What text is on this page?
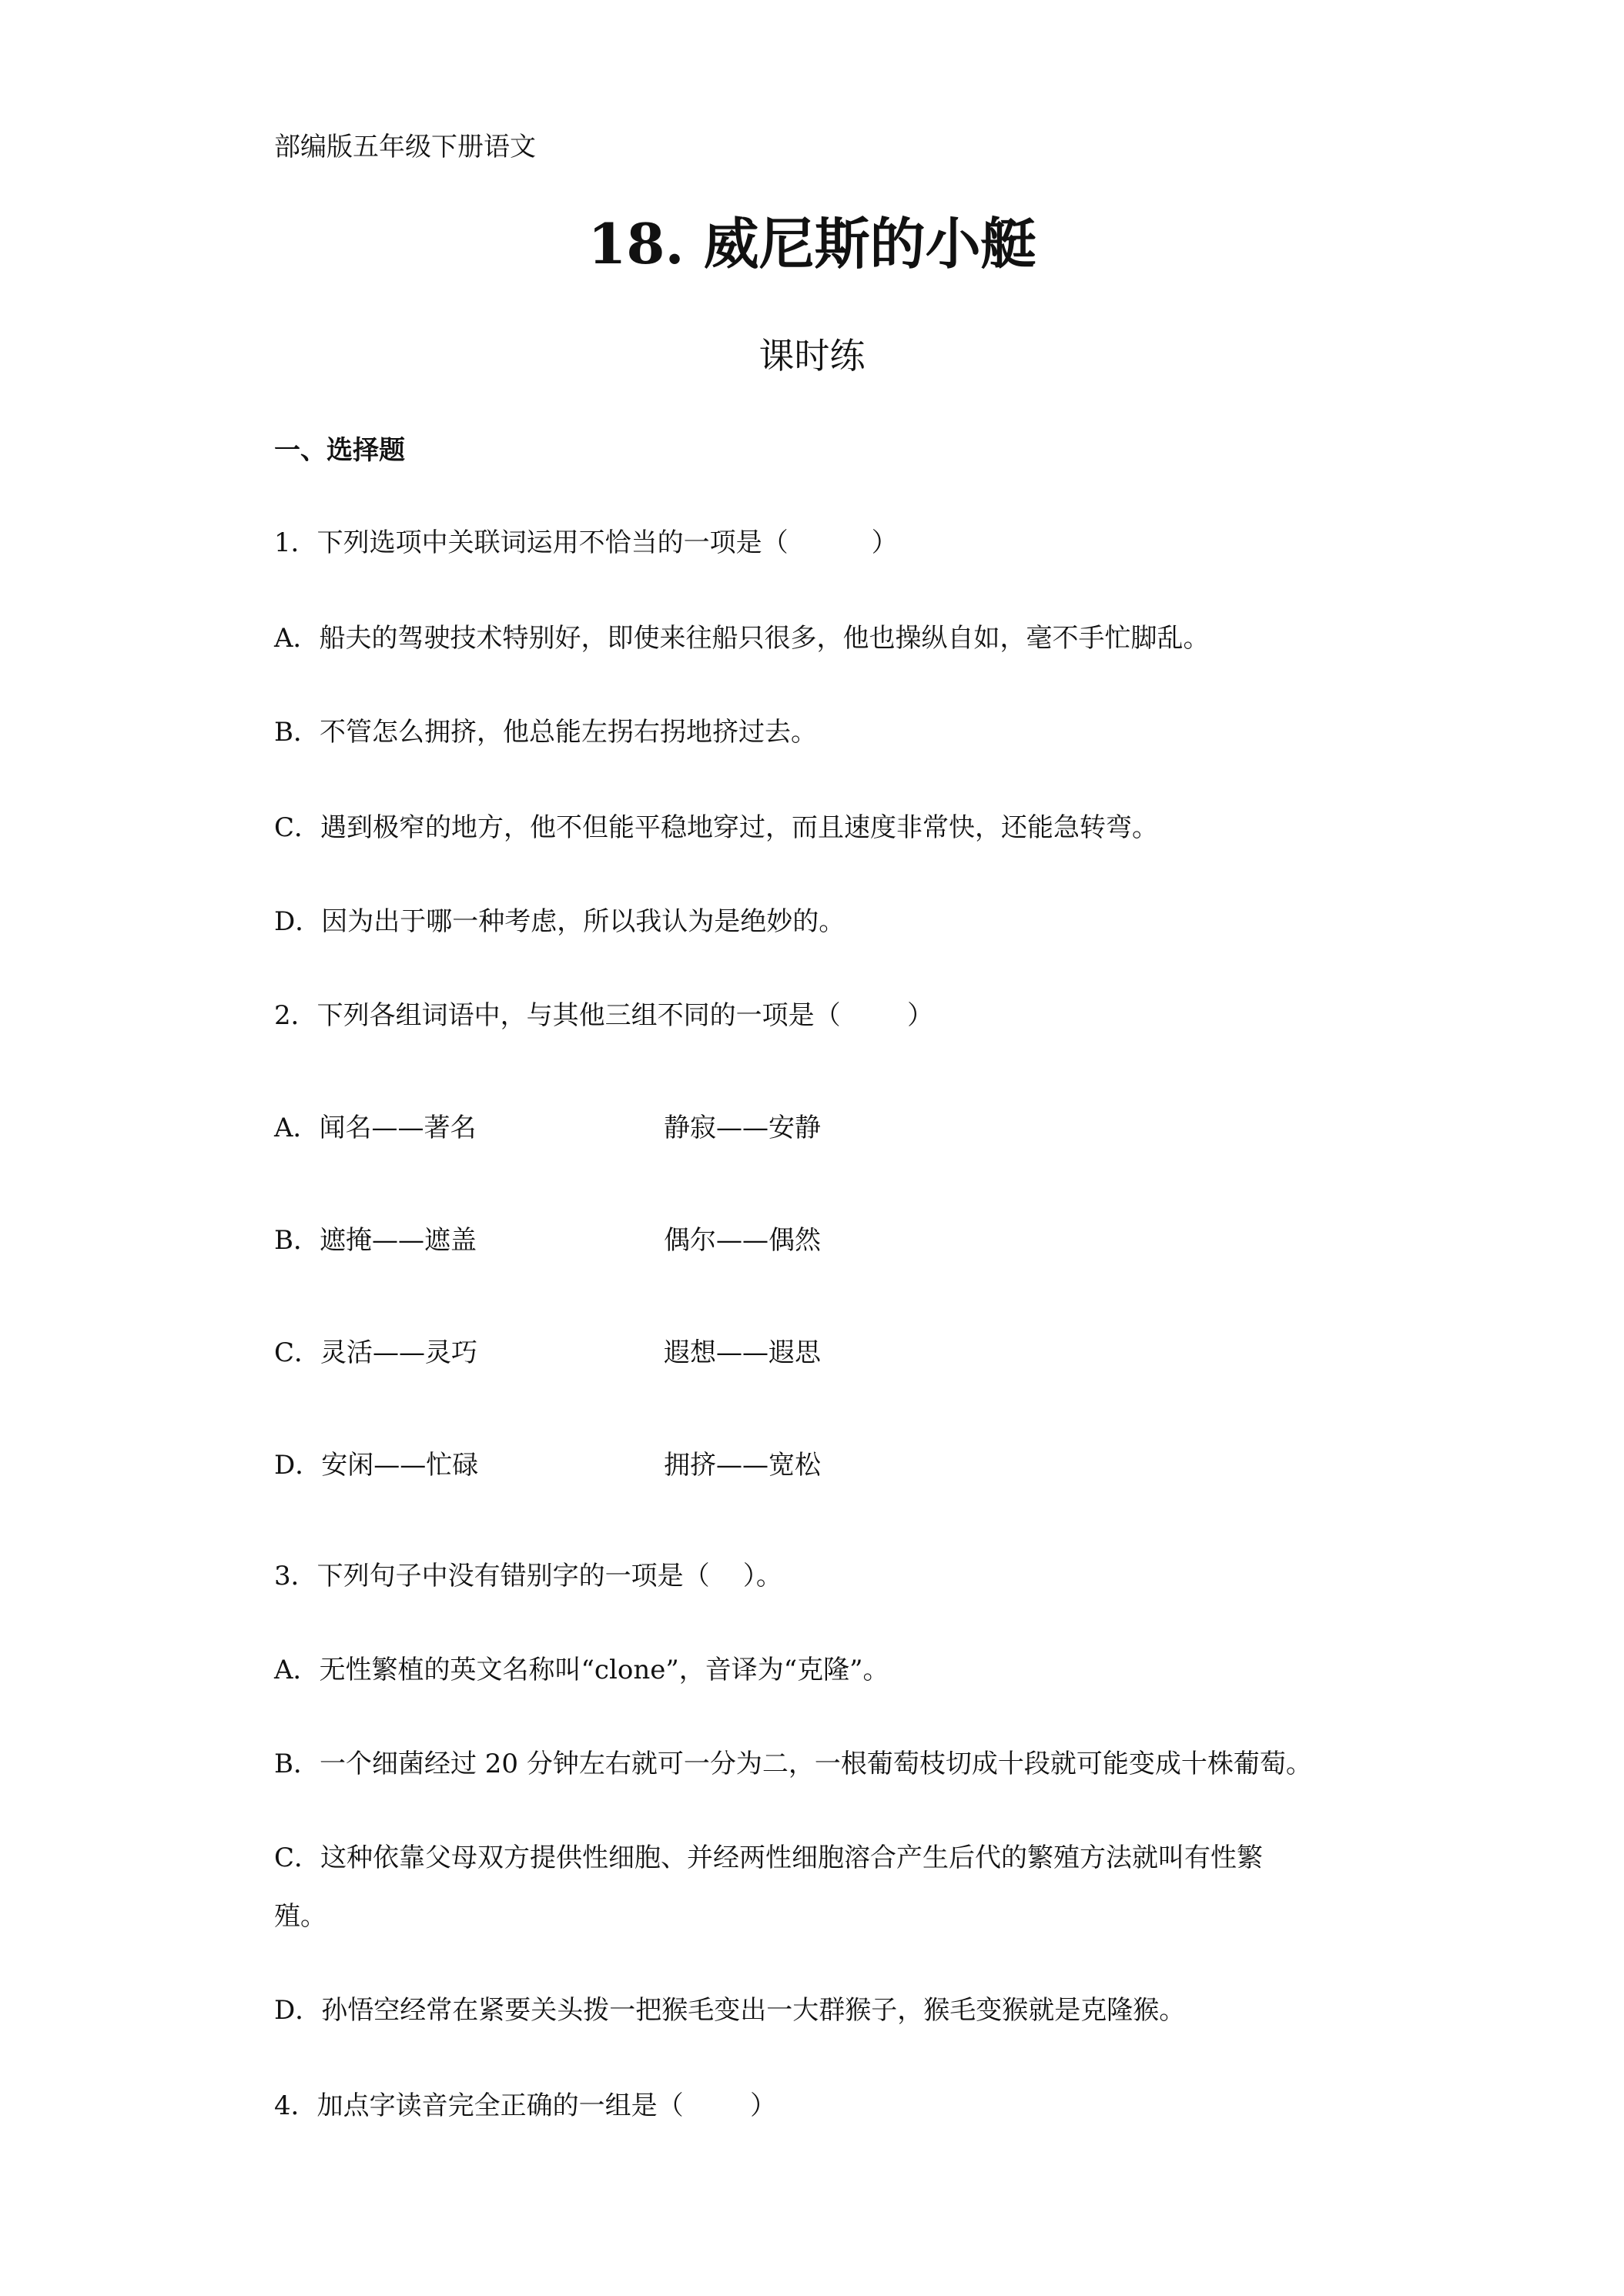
部编版五年级下册语文
18. 威尼斯的小艇
课时练
一、选择题
1．下列选项中关联词运用不恰当的一项是（          ）
A．船夫的驾驶技术特别好，即使来往船只很多，他也操纵自如，毫不手忙脚乱。
B．不管怎么拥挤，他总能左拐右拐地挤过去。
C．遇到极窄的地方，他不但能平稳地穿过，而且速度非常快，还能急转弯。
D．因为出于哪一种考虑，所以我认为是绝妙的。
2．下列各组词语中，与其他三组不同的一项是（        ）
A．闻名——著名	静寂——安静
B．遮掩——遮盖	偶尔——偶然
C．灵活——灵巧	遐想——遐思
D．安闲——忙碌	拥挤——宽松
3．下列句子中没有错别字的一项是（    ）。
A．无性繁植的英文名称叫“clone”，音译为“克隆”。
B．一个细菌经过 20 分钟左右就可一分为二，一根葡萄枝切成十段就可能变成十株葡萄。
C．这种依靠父母双方提供性细胞、并经两性细胞溶合产生后代的繁殖方法就叫有性繁
殖。
D．孙悟空经常在紧要关头拨一把猴毛变出一大群猴子，猴毛变猴就是克隆猴。
4．加点字读音完全正确的一组是（        ）
